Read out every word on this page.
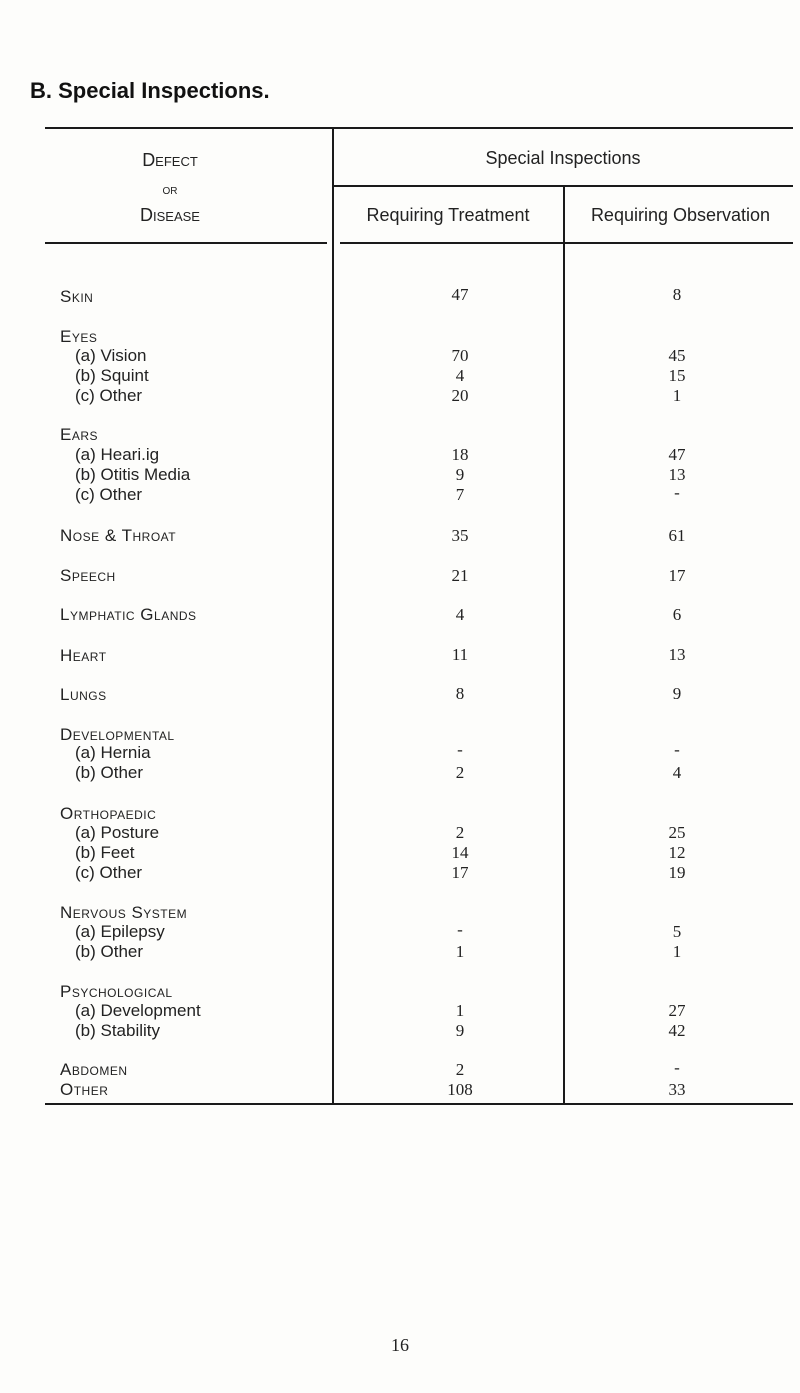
B. Special Inspections.
Defect
or
Disease
Special Inspections
Requiring Treatment	Requiring Observation
Skin	47	8
Eyes
(a) Vision	70	45
(b) Squint	4	15
(c) Other	20	1
Ears
(a) Heari.ig	18	47
(b) Otitis Media	9	13
(c) Other	7	-
Nose & Throat	35	61
Speech	21	17
Lymphatic Glands	4	6
Heart	11	13
Lungs	8	9
Developmental
(a) Hernia	-	-
(b) Other	2	4
Orthopaedic
(a) Posture	2	25
(b) Feet	14	12
(c) Other	17	19
Nervous System
(a) Epilepsy	-	5
(b) Other	1	1
Psychological
(a) Development	1	27
(b) Stability	9	42
Abdomen	2	-
Other	108	33
16
